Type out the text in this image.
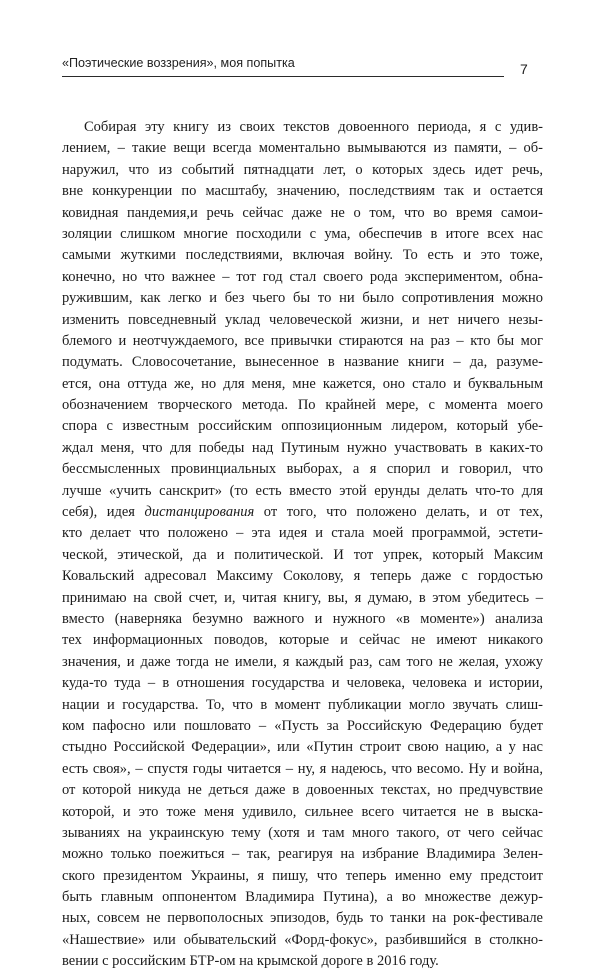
«Поэтические воззрения», моя попытка	7
Собирая эту книгу из своих текстов довоенного периода, я с удив-
лением, – такие вещи всегда моментально вымываются из памяти, – об-
наружил, что из событий пятнадцати лет, о которых здесь идет речь,
вне конкуренции по масштабу, значению, последствиям так и остается
ковидная пандемия,и речь сейчас даже не о том, что во время самои-
золяции слишком многие посходили с ума, обеспечив в итоге всех нас
самыми жуткими последствиями, включая войну. То есть и это тоже,
конечно, но что важнее – тот год стал своего рода экспериментом, обна-
ружившим, как легко и без чьего бы то ни было сопротивления можно
изменить повседневный уклад человеческой жизни, и нет ничего незы-
блемого и неотчуждаемого, все привычки стираются на раз – кто бы мог
подумать. Словосочетание, вынесенное в название книги – да, разуме-
ется, она оттуда же, но для меня, мне кажется, оно стало и буквальным
обозначением творческого метода. По крайней мере, с момента моего
спора с известным российским оппозиционным лидером, который убе-
ждал меня, что для победы над Путиным нужно участвовать в каких-то
бессмысленных провинциальных выборах, а я спорил и говорил, что
лучше «учить санскрит» (то есть вместо этой ерунды делать что-то для
себя), идея дистанцирования от того, что положено делать, и от тех,
кто делает что положено – эта идея и стала моей программой, эстети-
ческой, этической, да и политической. И тот упрек, который Максим
Ковальский адресовал Максиму Соколову, я теперь даже с гордостью
принимаю на свой счет, и, читая книгу, вы, я думаю, в этом убедитесь –
вместо (наверняка безумно важного и нужного «в моменте») анализа
тех информационных поводов, которые и сейчас не имеют никакого
значения, и даже тогда не имели, я каждый раз, сам того не желая, ухожу
куда-то туда – в отношения государства и человека, человека и истории,
нации и государства. То, что в момент публикации могло звучать слиш-
ком пафосно или пошловато – «Пусть за Российскую Федерацию будет
стыдно Российской Федерации», или «Путин строит свою нацию, а у нас
есть своя», – спустя годы читается – ну, я надеюсь, что весомо. Ну и война,
от которой никуда не деться даже в довоенных текстах, но предчувствие
которой, и это тоже меня удивило, сильнее всего читается не в выска-
зываниях на украинскую тему (хотя и там много такого, от чего сейчас
можно только поежиться – так, реагируя на избрание Владимира Зелен-
ского президентом Украины, я пишу, что теперь именно ему предстоит
быть главным оппонентом Владимира Путина), а во множестве дежур-
ных, совсем не первополосных эпизодов, будь то танки на рок-фестивале
«Нашествие» или обывательский «Форд-фокус», разбившийся в столкно-
вении с российским БТР-ом на крымской дороге в 2016 году.
